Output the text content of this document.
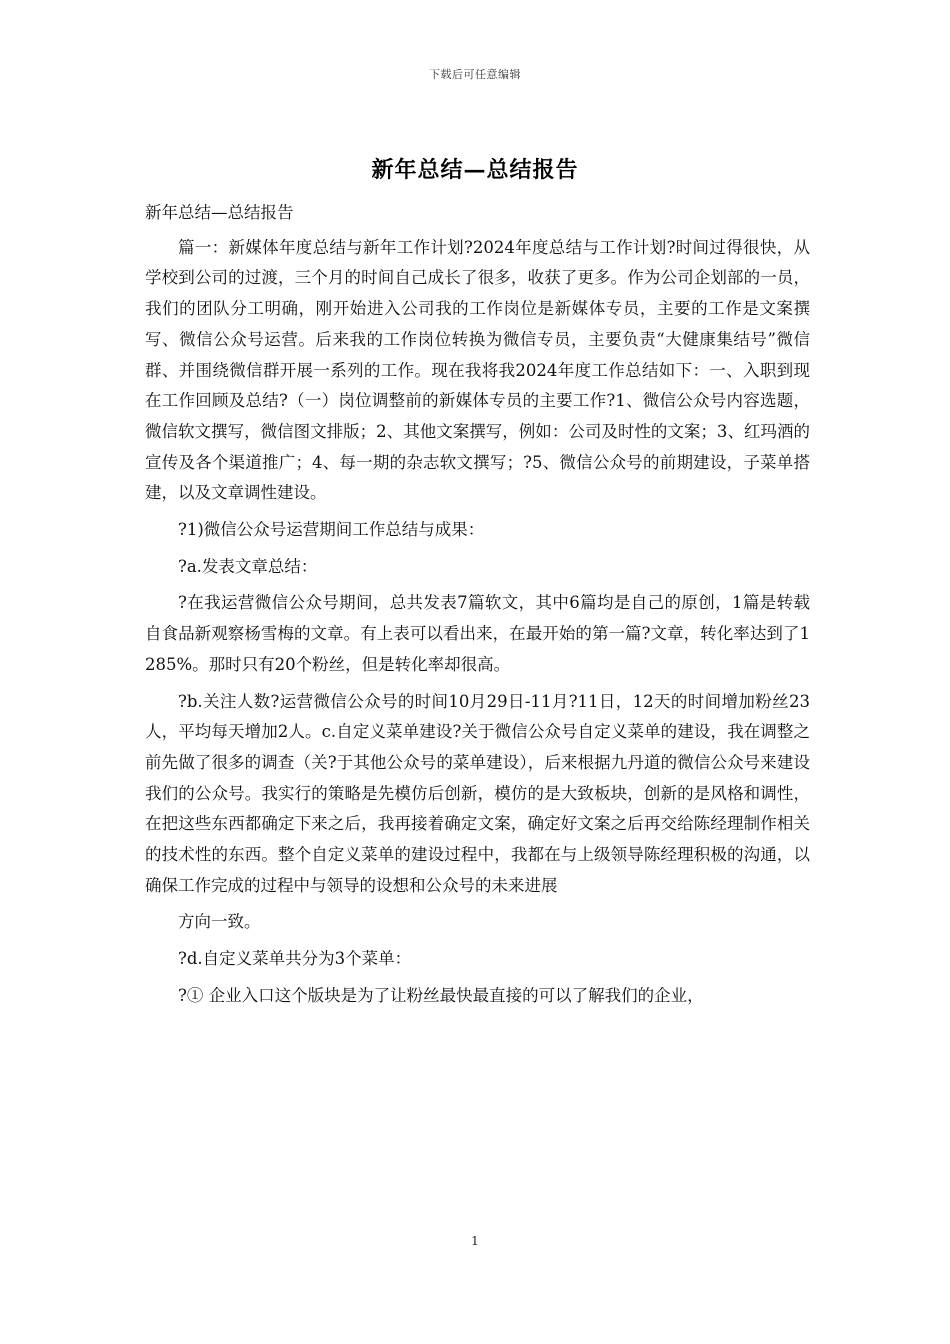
下载后可任意编辑
新年总结—总结报告

新年总结—总结报告

篇一：新媒体年度总结与新年工作计划?2024年度总结与工作计划?时间过得很快，从学校到公司的过渡，三个月的时间自己成长了很多，收获了更多。作为公司企划部的一员，我们的团队分工明确，刚开始进入公司我的工作岗位是新媒体专员，主要的工作是文案撰写、微信公众号运营。后来我的工作岗位转换为微信专员，主要负责“大健康集结号”微信群、并围绕微信群开展一系列的工作。现在我将我2024年度工作总结如下：一、入职到现在工作回顾及总结?（一）岗位调整前的新媒体专员的主要工作?1、微信公众号内容选题，微信软文撰写，微信图文排版；2、其他文案撰写，例如：公司及时性的文案；3、红玛酒的宣传及各个渠道推广；4、每一期的杂志软文撰写；?5、微信公众号的前期建设，子菜单搭建，以及文章调性建设。

?1)微信公众号运营期间工作总结与成果：

?a.发表文章总结：

?在我运营微信公众号期间，总共发表7篇软文，其中6篇均是自己的原创，1篇是转载自食品新观察杨雪梅的文章。有上表可以看出来，在最开始的第一篇?文章，转化率达到了1285%。那时只有20个粉丝，但是转化率却很高。

?b.关注人数?运营微信公众号的时间10月29日-11月?11日，12天的时间增加粉丝23人，平均每天增加2人。c.自定义菜单建设?关于微信公众号自定义菜单的建设，我在调整之前先做了很多的调查（关?于其他公众号的菜单建设），后来根据九丹道的微信公众号来建设我们的公众号。我实行的策略是先模仿后创新，模仿的是大致板块，创新的是风格和调性，在把这些东西都确定下来之后，我再接着确定文案，确定好文案之后再交给陈经理制作相关的技术性的东西。整个自定义菜单的建设过程中，我都在与上级领导陈经理积极的沟通，以确保工作完成的过程中与领导的设想和公众号的未来进展

方向一致。

?d.自定义菜单共分为3个菜单：

?① 企业入口这个版块是为了让粉丝最快最直接的可以了解我们的企业，

1
